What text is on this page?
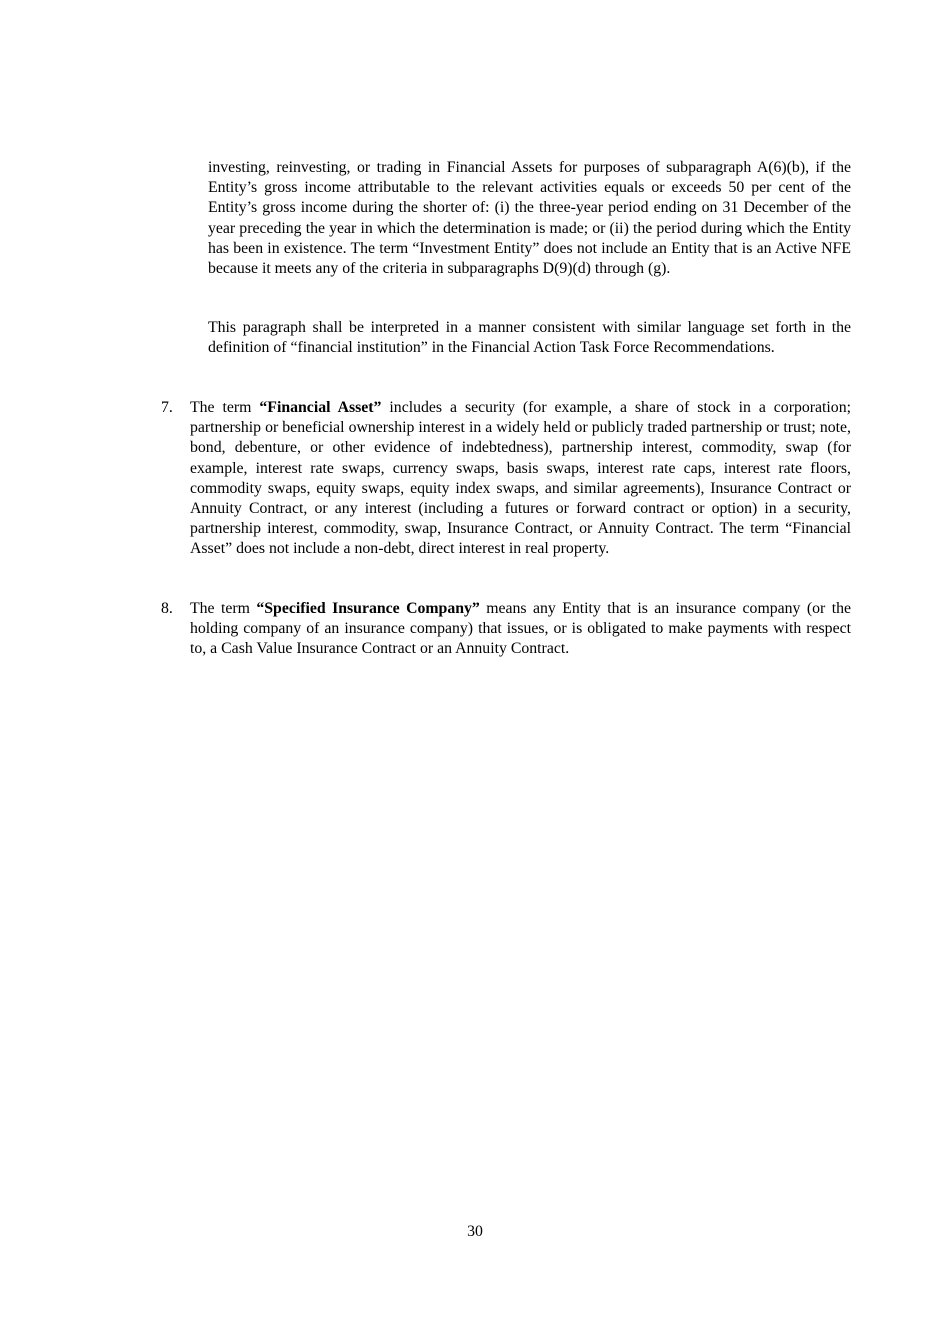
investing, reinvesting, or trading in Financial Assets for purposes of subparagraph A(6)(b), if the Entity’s gross income attributable to the relevant activities equals or exceeds 50 per cent of the Entity’s gross income during the shorter of: (i) the three-year period ending on 31 December of the year preceding the year in which the determination is made; or (ii) the period during which the Entity has been in existence. The term “Investment Entity” does not include an Entity that is an Active NFE because it meets any of the criteria in subparagraphs D(9)(d) through (g).

This paragraph shall be interpreted in a manner consistent with similar language set forth in the definition of “financial institution” in the Financial Action Task Force Recommendations.

7.	The term “Financial Asset” includes a security (for example, a share of stock in a corporation; partnership or beneficial ownership interest in a widely held or publicly traded partnership or trust; note, bond, debenture, or other evidence of indebtedness), partnership interest, commodity, swap (for example, interest rate swaps, currency swaps, basis swaps, interest rate caps, interest rate floors, commodity swaps, equity swaps, equity index swaps, and similar agreements), Insurance Contract or Annuity Contract, or any interest (including a futures or forward contract or option) in a security, partnership interest, commodity, swap, Insurance Contract, or Annuity Contract. The term “Financial Asset” does not include a non-debt, direct interest in real property.

8.	The term “Specified Insurance Company” means any Entity that is an insurance company (or the holding company of an insurance company) that issues, or is obligated to make payments with respect to, a Cash Value Insurance Contract or an Annuity Contract.

30
